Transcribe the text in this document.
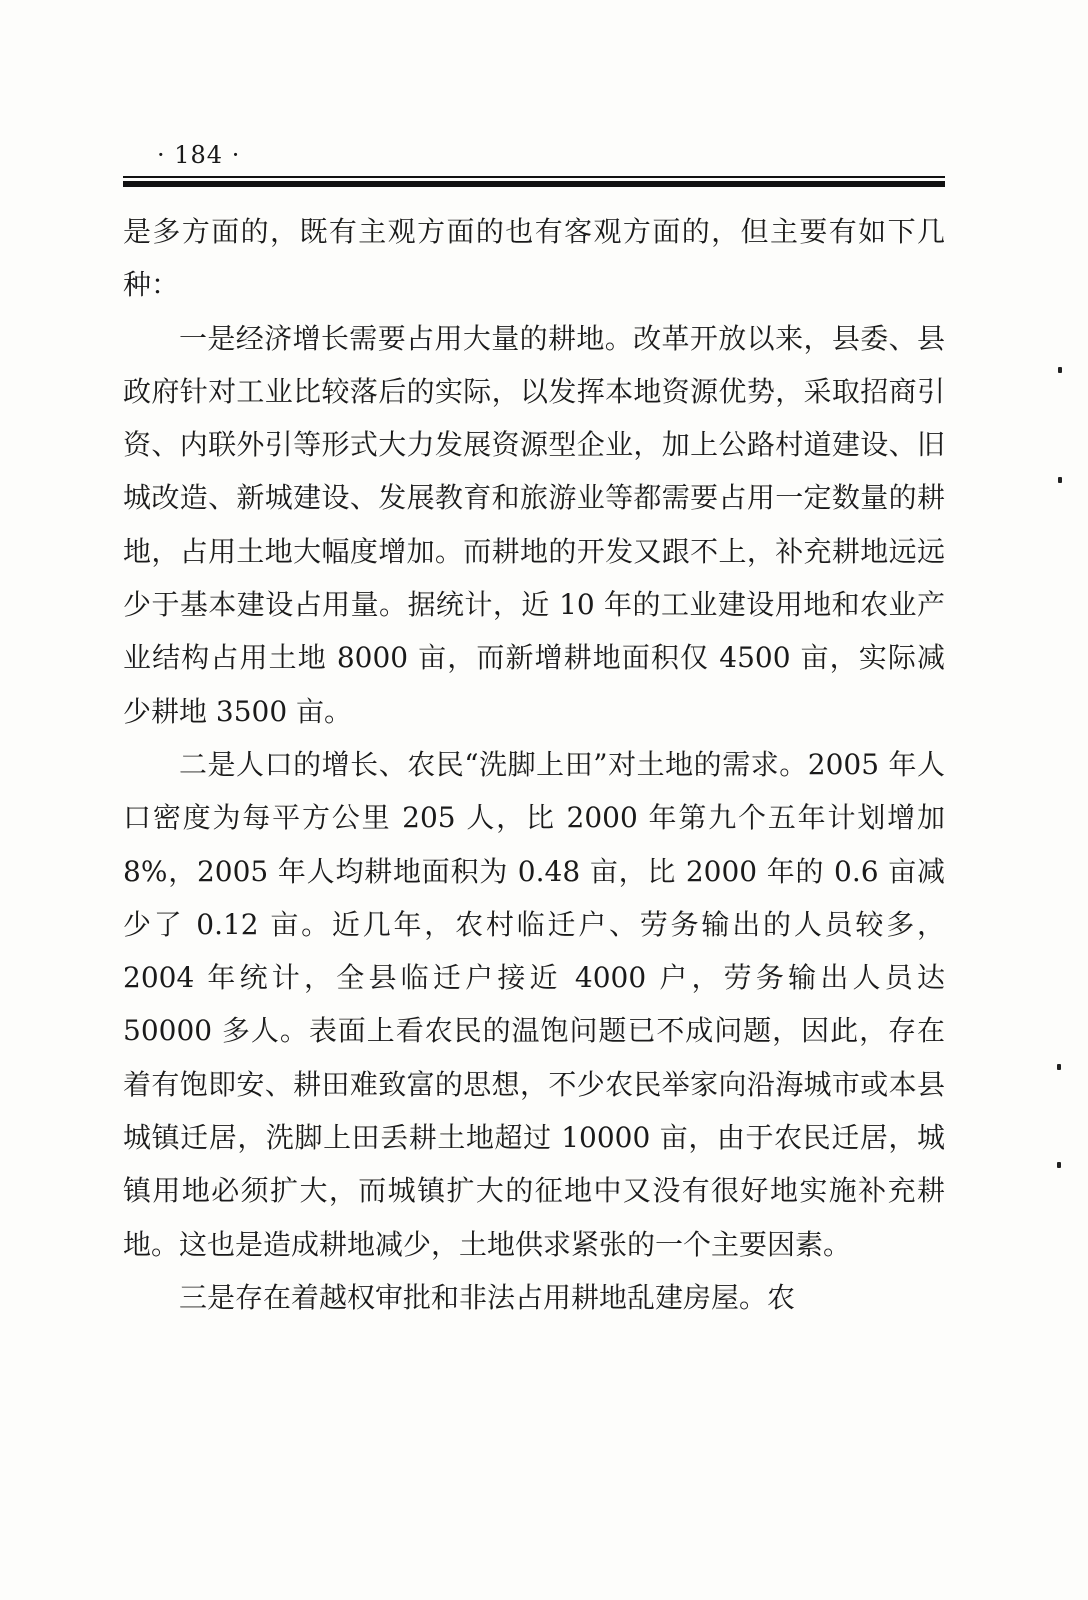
· 184 ·

是多方面的，既有主观方面的也有客观方面的，但主要有如下几种：

一是经济增长需要占用大量的耕地。改革开放以来，县委、县政府针对工业比较落后的实际，以发挥本地资源优势，采取招商引资、内联外引等形式大力发展资源型企业，加上公路村道建设、旧城改造、新城建设、发展教育和旅游业等都需要占用一定数量的耕地，占用土地大幅度增加。而耕地的开发又跟不上，补充耕地远远少于基本建设占用量。据统计，近 10 年的工业建设用地和农业产业结构占用土地 8000 亩，而新增耕地面积仅 4500 亩，实际减少耕地 3500 亩。

二是人口的增长、农民“洗脚上田”对土地的需求。2005 年人口密度为每平方公里 205 人，比 2000 年第九个五年计划增加 8%，2005 年人均耕地面积为 0.48 亩，比 2000 年的 0.6 亩减少了 0.12 亩。近几年，农村临迁户、劳务输出的人员较多，2004 年统计，全县临迁户接近 4000 户，劳务输出人员达 50000 多人。表面上看农民的温饱问题已不成问题，因此，存在着有饱即安、耕田难致富的思想，不少农民举家向沿海城市或本县城镇迁居，洗脚上田丢耕土地超过 10000 亩，由于农民迁居，城镇用地必须扩大，而城镇扩大的征地中又没有很好地实施补充耕地。这也是造成耕地减少，土地供求紧张的一个主要因素。

三是存在着越权审批和非法占用耕地乱建房屋。农
